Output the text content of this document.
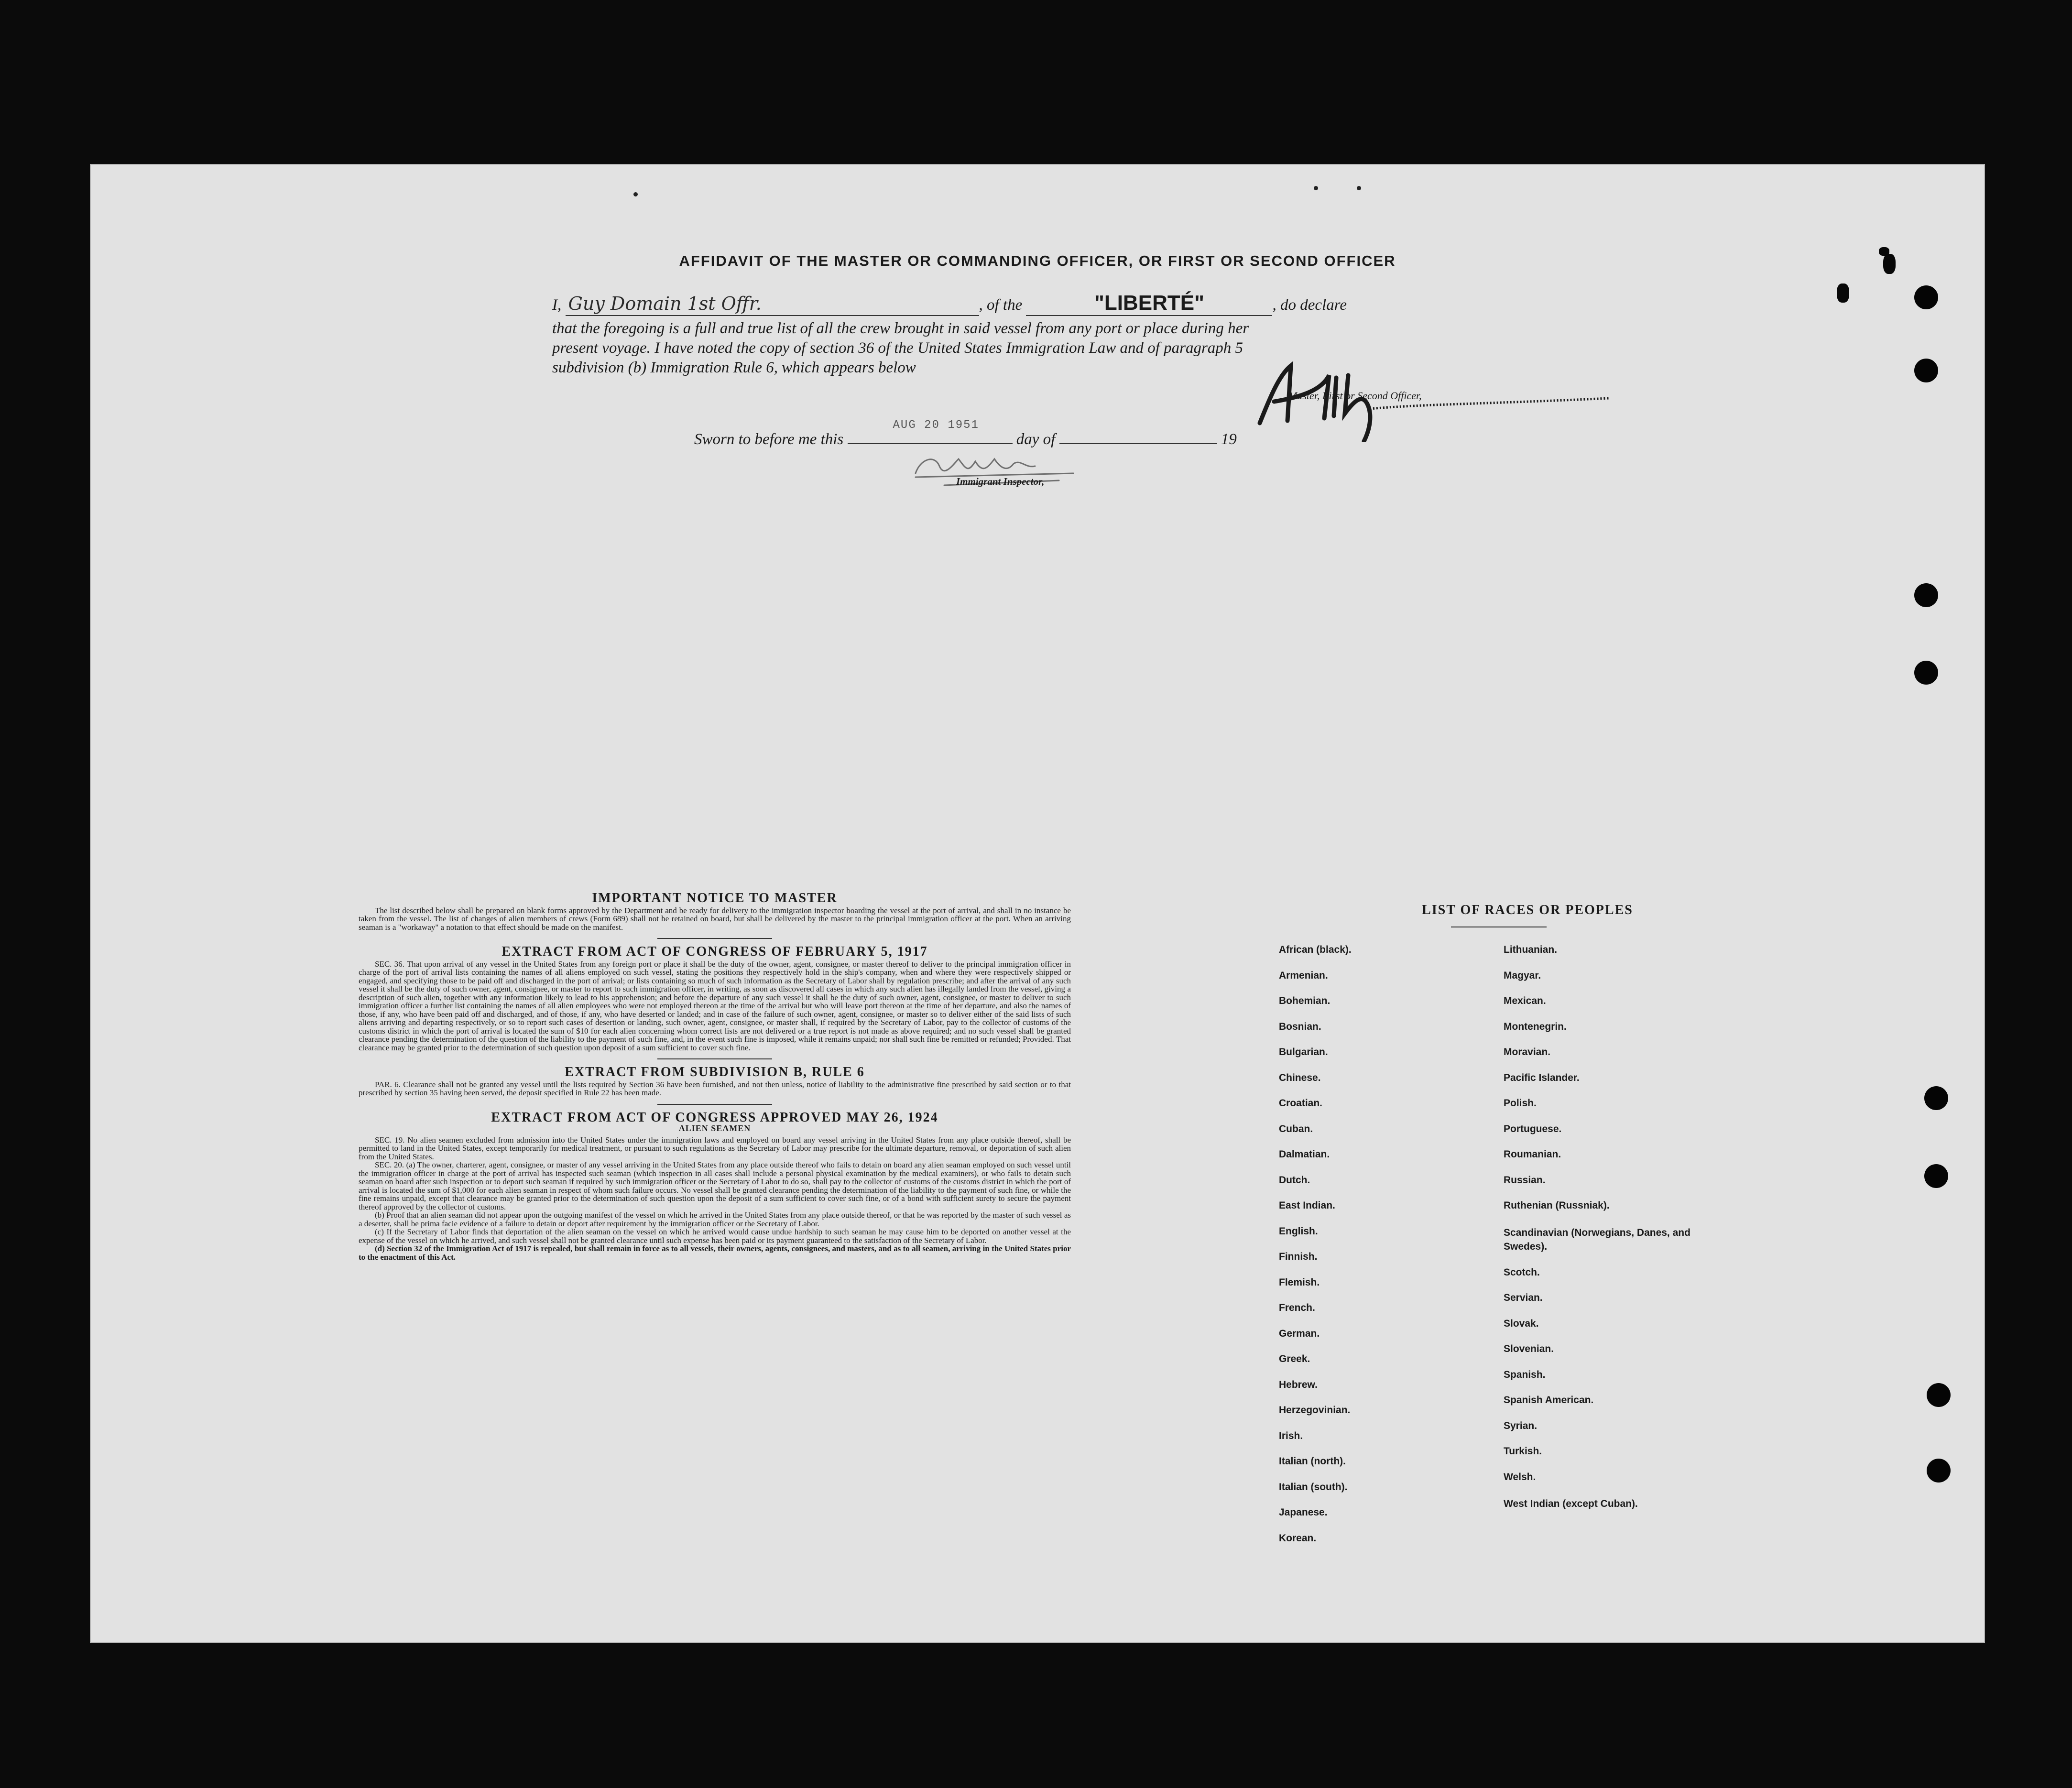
AFFIDAVIT OF THE MASTER OR COMMANDING OFFICER, OR FIRST OR SECOND OFFICER
I, Guy Domain 1st Offr.	, of the	"LIBERTÉ"	, do declare
that the foregoing is a full and true list of all the crew brought in said vessel from any port or place during her
present voyage. I have noted the copy of section 36 of the United States Immigration Law and of paragraph 5
subdivision (b) Immigration Rule 6, which appears below
Master, First or Second Officer,
Sworn to before me this
AUG 20 1951
day of	19
Immigrant Inspector,
IMPORTANT NOTICE TO MASTER

The list described below shall be prepared on blank forms approved by the Department and be ready for delivery to the immigration inspector boarding the vessel at the port of arrival, and shall in no instance be taken from the vessel. The list of changes of alien members of crews (Form 689) shall not be retained on board, but shall be delivered by the master to the principal immigration officer at the port. When an arriving seaman is a "workaway" a notation to that effect should be made on the manifest.

EXTRACT FROM ACT OF CONGRESS OF FEBRUARY 5, 1917

SEC. 36. That upon arrival of any vessel in the United States from any foreign port or place it shall be the duty of the owner, agent, consignee, or master thereof to deliver to the principal immigration officer in charge of the port of arrival lists containing the names of all aliens employed on such vessel, stating the positions they respectively hold in the ship's company, when and where they were respectively shipped or engaged, and specifying those to be paid off and discharged in the port of arrival; or lists containing so much of such information as the Secretary of Labor shall by regulation prescribe; and after the arrival of any such vessel it shall be the duty of such owner, agent, consignee, or master to report to such immigration officer, in writing, as soon as discovered all cases in which any such alien has illegally landed from the vessel, giving a description of such alien, together with any information likely to lead to his apprehension; and before the departure of any such vessel it shall be the duty of such owner, agent, consignee, or master to deliver to such immigration officer a further list containing the names of all alien employees who were not employed thereon at the time of the arrival but who will leave port thereon at the time of her departure, and also the names of those, if any, who have been paid off and discharged, and of those, if any, who have deserted or landed; and in case of the failure of such owner, agent, consignee, or master so to deliver either of the said lists of such aliens arriving and departing respectively, or so to report such cases of desertion or landing, such owner, agent, consignee, or master shall, if required by the Secretary of Labor, pay to the collector of customs of the customs district in which the port of arrival is located the sum of $10 for each alien concerning whom correct lists are not delivered or a true report is not made as above required; and no such vessel shall be granted clearance pending the determination of the question of the liability to the payment of such fine, and, in the event such fine is imposed, while it remains unpaid; nor shall such fine be remitted or refunded; Provided. That clearance may be granted prior to the determination of such question upon deposit of a sum sufficient to cover such fine.

EXTRACT FROM SUBDIVISION B, RULE 6

PAR. 6. Clearance shall not be granted any vessel until the lists required by Section 36 have been furnished, and not then unless, notice of liability to the administrative fine prescribed by said section or to that prescribed by section 35 having been served, the deposit specified in Rule 22 has been made.

EXTRACT FROM ACT OF CONGRESS APPROVED MAY 26, 1924
ALIEN SEAMEN

SEC. 19. No alien seamen excluded from admission into the United States under the immigration laws and employed on board any vessel arriving in the United States from any place outside thereof, shall be permitted to land in the United States, except temporarily for medical treatment, or pursuant to such regulations as the Secretary of Labor may prescribe for the ultimate departure, removal, or deportation of such alien from the United States.

SEC. 20. (a) The owner, charterer, agent, consignee, or master of any vessel arriving in the United States from any place outside thereof who fails to detain on board any alien seaman employed on such vessel until the immigration officer in charge at the port of arrival has inspected such seaman (which inspection in all cases shall include a personal physical examination by the medical examiners), or who fails to detain such seaman on board after such inspection or to deport such seaman if required by such immigration officer or the Secretary of Labor to do so, shall pay to the collector of customs of the customs district in which the port of arrival is located the sum of $1,000 for each alien seaman in respect of whom such failure occurs. No vessel shall be granted clearance pending the determination of the liability to the payment of such fine, or while the fine remains unpaid, except that clearance may be granted prior to the determination of such question upon the deposit of a sum sufficient to cover such fine, or of a bond with sufficient surety to secure the payment thereof approved by the collector of customs.

(b) Proof that an alien seaman did not appear upon the outgoing manifest of the vessel on which he arrived in the United States from any place outside thereof, or that he was reported by the master of such vessel as a deserter, shall be prima facie evidence of a failure to detain or deport after requirement by the immigration officer or the Secretary of Labor.

(c) If the Secretary of Labor finds that deportation of the alien seaman on the vessel on which he arrived would cause undue hardship to such seaman he may cause him to be deported on another vessel at the expense of the vessel on which he arrived, and such vessel shall not be granted clearance until such expense has been paid or its payment guaranteed to the satisfaction of the Secretary of Labor.

(d) Section 32 of the Immigration Act of 1917 is repealed, but shall remain in force as to all vessels, their owners, agents, consignees, and masters, and as to all seamen, arriving in the United States prior to the enactment of this Act.

LIST OF RACES OR PEOPLES
African (black).
Armenian.
Bohemian.
Bosnian.
Bulgarian.
Chinese.
Croatian.
Cuban.
Dalmatian.
Dutch.
East Indian.
English.
Finnish.
Flemish.
French.
German.
Greek.
Hebrew.
Herzegovinian.
Irish.
Italian (north).
Italian (south).
Japanese.
Korean.
Lithuanian.
Magyar.
Mexican.
Montenegrin.
Moravian.
Pacific Islander.
Polish.
Portuguese.
Roumanian.
Russian.
Ruthenian (Russniak).
Scandinavian (Norwegians, Danes, and Swedes).
Scotch.
Servian.
Slovak.
Slovenian.
Spanish.
Spanish American.
Syrian.
Turkish.
Welsh.
West Indian (except Cuban).
